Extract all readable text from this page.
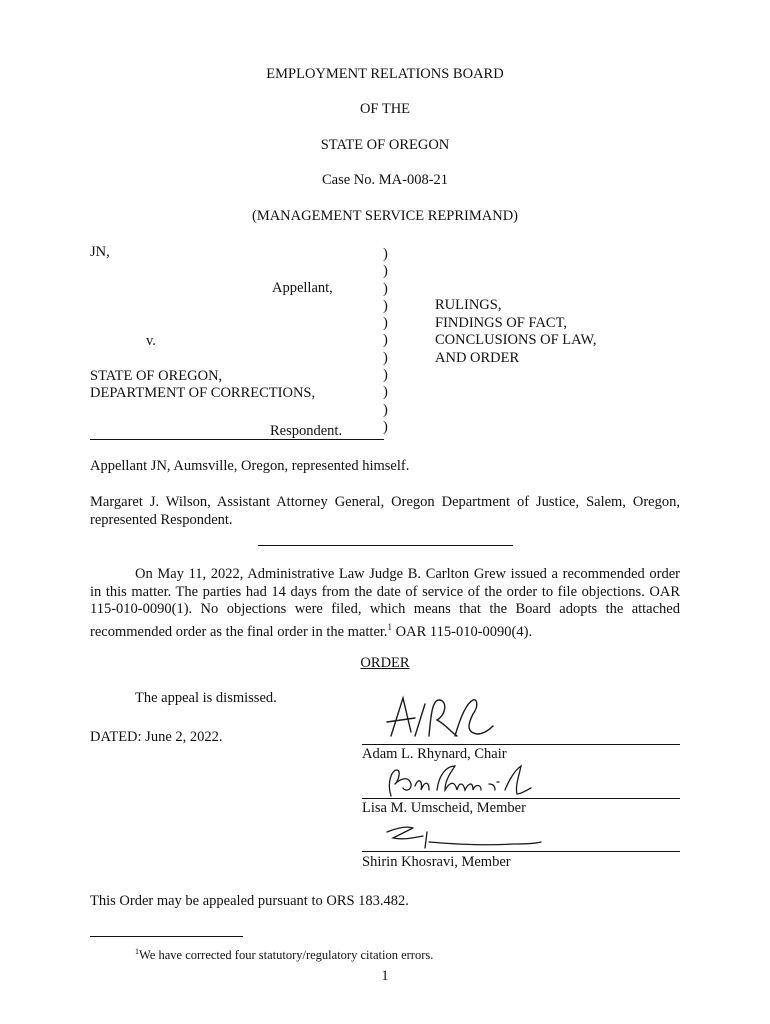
EMPLOYMENT RELATIONS BOARD
OF THE
STATE OF OREGON
Case No. MA-008-21
(MANAGEMENT SERVICE REPRIMAND)
JN,
Appellant,
v.
STATE OF OREGON,
DEPARTMENT OF CORRECTIONS,
Respondent.
)
)
)
)
)
)
)
)
)
)
)
RULINGS,
FINDINGS OF FACT,
CONCLUSIONS OF LAW,
AND ORDER
Appellant JN, Aumsville, Oregon, represented himself.
Margaret J. Wilson, Assistant Attorney General, Oregon Department of Justice, Salem, Oregon, represented Respondent.
On May 11, 2022, Administrative Law Judge B. Carlton Grew issued a recommended order in this matter. The parties had 14 days from the date of service of the order to file objections. OAR 115-010-0090(1). No objections were filed, which means that the Board adopts the attached recommended order as the final order in the matter.$^1$ OAR 115-010-0090(4).
ORDER
The appeal is dismissed.
DATED: June 2, 2022.
Adam L. Rhynard, Chair
Lisa M. Umscheid, Member
Shirin Khosravi, Member
This Order may be appealed pursuant to ORS 183.482.
$^1$We have corrected four statutory/regulatory citation errors.
1
